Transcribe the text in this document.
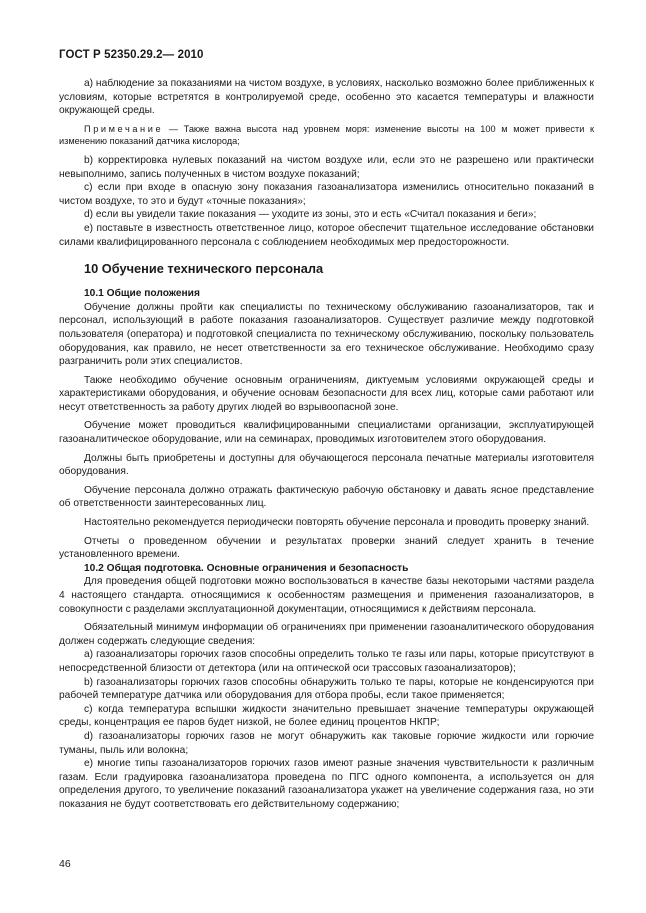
ГОСТ Р 52350.29.2— 2010

а) наблюдение за показаниями на чистом воздухе, в условиях, насколько возможно более приближенных к условиям, которые встретятся в контролируемой среде, особенно это касается температуры и влажности окружающей среды.

Примечание — Также важна высота над уровнем моря: изменение высоты на 100 м может привести к изменению показаний датчика кислорода;

b) корректировка нулевых показаний на чистом воздухе или, если это не разрешено или практически невыполнимо, запись полученных в чистом воздухе показаний;

c) если при входе в опасную зону показания газоанализатора изменились относительно показаний в чистом воздухе, то это и будут «точные показания»;

d) если вы увидели такие показания — уходите из зоны, это и есть «Считал показания и беги»;

e) поставьте в известность ответственное лицо, которое обеспечит тщательное исследование обстановки силами квалифицированного персонала с соблюдением необходимых мер предосторожности.

10 Обучение технического персонала
10.1 Общие положения

Обучение должны пройти как специалисты по техническому обслуживанию газоанализаторов, так и персонал, использующий в работе показания газоанализаторов. Существует различие между подготовкой пользователя (оператора) и подготовкой специалиста по техническому обслуживанию, поскольку пользователь оборудования, как правило, не несет ответственности за его техническое обслуживание. Необходимо сразу разграничить роли этих специалистов.

Также необходимо обучение основным ограничениям, диктуемым условиями окружающей среды и характеристиками оборудования, и обучение основам безопасности для всех лиц, которые сами работают или несут ответственность за работу других людей во взрывоопасной зоне.

Обучение может проводиться квалифицированными специалистами организации, эксплуатирующей газоаналитическое оборудование, или на семинарах, проводимых изготовителем этого оборудования.

Должны быть приобретены и доступны для обучающегося персонала печатные материалы изготовителя оборудования.

Обучение персонала должно отражать фактическую рабочую обстановку и давать ясное представление об ответственности заинтересованных лиц.

Настоятельно рекомендуется периодически повторять обучение персонала и проводить проверку знаний.

Отчеты о проведенном обучении и результатах проверки знаний следует хранить в течение установленного времени.

10.2 Общая подготовка. Основные ограничения и безопасность

Для проведения общей подготовки можно воспользоваться в качестве базы некоторыми частями раздела 4 настоящего стандарта. относящимися к особенностям размещения и применения газоанализаторов, в совокупности с разделами эксплуатационной документации, относящимися к действиям персонала.

Обязательный минимум информации об ограничениях при применении газоаналитического оборудования должен содержать следующие сведения:

а) газоанализаторы горючих газов способны определить только те газы или пары, которые присутствуют в непосредственной близости от детектора (или на оптической оси трассовых газоанализаторов);

b) газоанализаторы горючих газов способны обнаружить только те пары, которые не конденсируются при рабочей температуре датчика или оборудования для отбора пробы, если такое применяется;

c) когда температура вспышки жидкости значительно превышает значение температуры окружающей среды, концентрация ее паров будет низкой, не более единиц процентов НКПР;

d) газоанализаторы горючих газов не могут обнаружить как таковые горючие жидкости или горючие туманы, пыль или волокна;

e) многие типы газоанализаторов горючих газов имеют разные значения чувствительности к различным газам. Если градуировка газоанализатора проведена по ПГС одного компонента, а используется он для определения другого, то увеличение показаний газоанализатора укажет на увеличение содержания газа, но эти показания не будут соответствовать его действительному содержанию;

46
